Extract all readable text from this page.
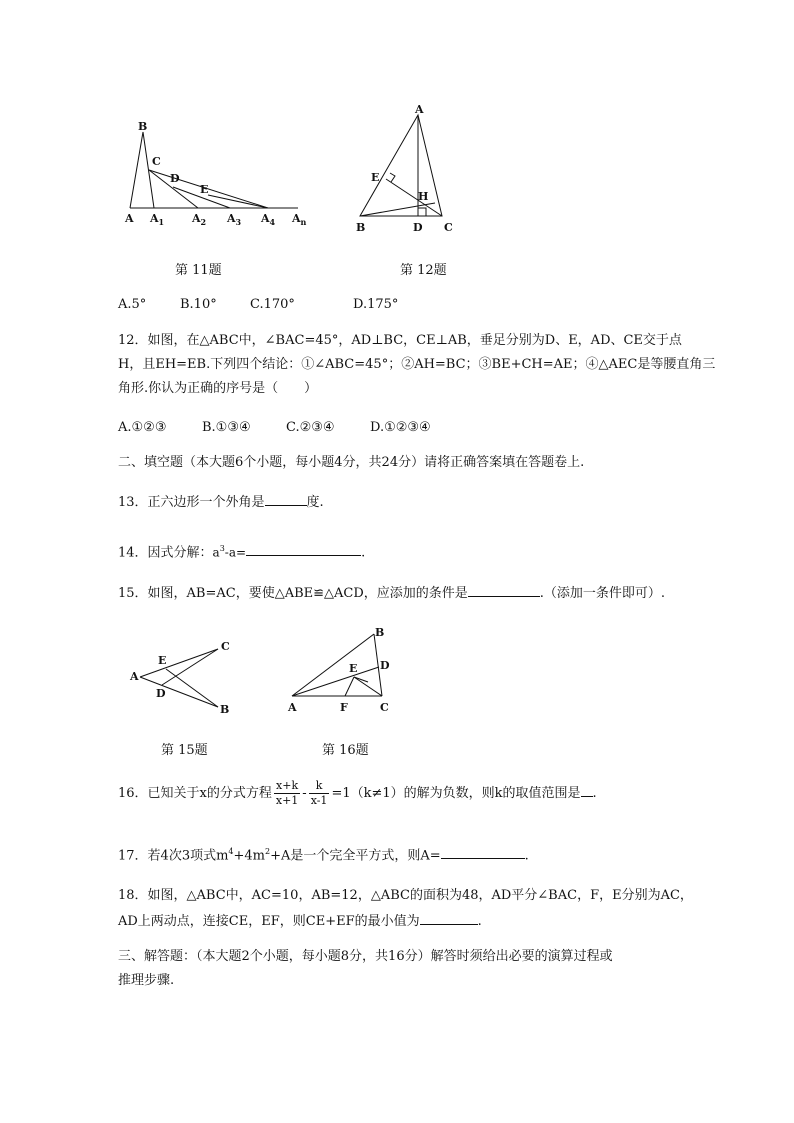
B
C
D
E
A $A_1$	$A_2$ $A_3$ $A_4$ $A_n$
第 11题
A
E
H
B	D C
第 12题
A.5°	B.10°	C.170°	D.175°
12．如图，在△ABC中，∠BAC=45°，AD⊥BC，CE⊥AB，垂足分别为D、E，AD、CE交于点
H，且EH=EB.下列四个结论：①∠ABC=45°；②AH=BC；③BE+CH=AE；④△AEC是等腰直角三
角形.你认为正确的序号是（　　）
A.①②③	B.①③④	C.②③④	D.①②③④
二、填空题（本大题6个小题，每小题4分，共24分）请将正确答案填在答题卷上.
13．正六边形一个外角是	度.
14．因式分解：$a^3-a=$	.
15．如图，AB=AC，要使△ABE≌△ACD，应添加的条件是	.（添加一条件即可）.
C
E
A
D
B
第 15题
B
E D
A	F	C
第 16题
16．已知关于x的分式方程 $\frac{x+k}{x+1} - \frac{k}{x-1} =1(k\ne 1)$的解为负数，则k的取值范围是 .
17．若4次3项式$m^4+4m^2+A$是一个完全平方式，则A=	.
18．如图，△ABC中，AC=10，AB=12，△ABC的面积为48，AD平分∠BAC，F，E分别为AC，
AD上两动点，连接CE，EF，则CE+EF的最小值为	.
三、解答题：（本大题2个小题，每小题8分，共16分）解答时须给出必要的演算过程或
推理步骤.
